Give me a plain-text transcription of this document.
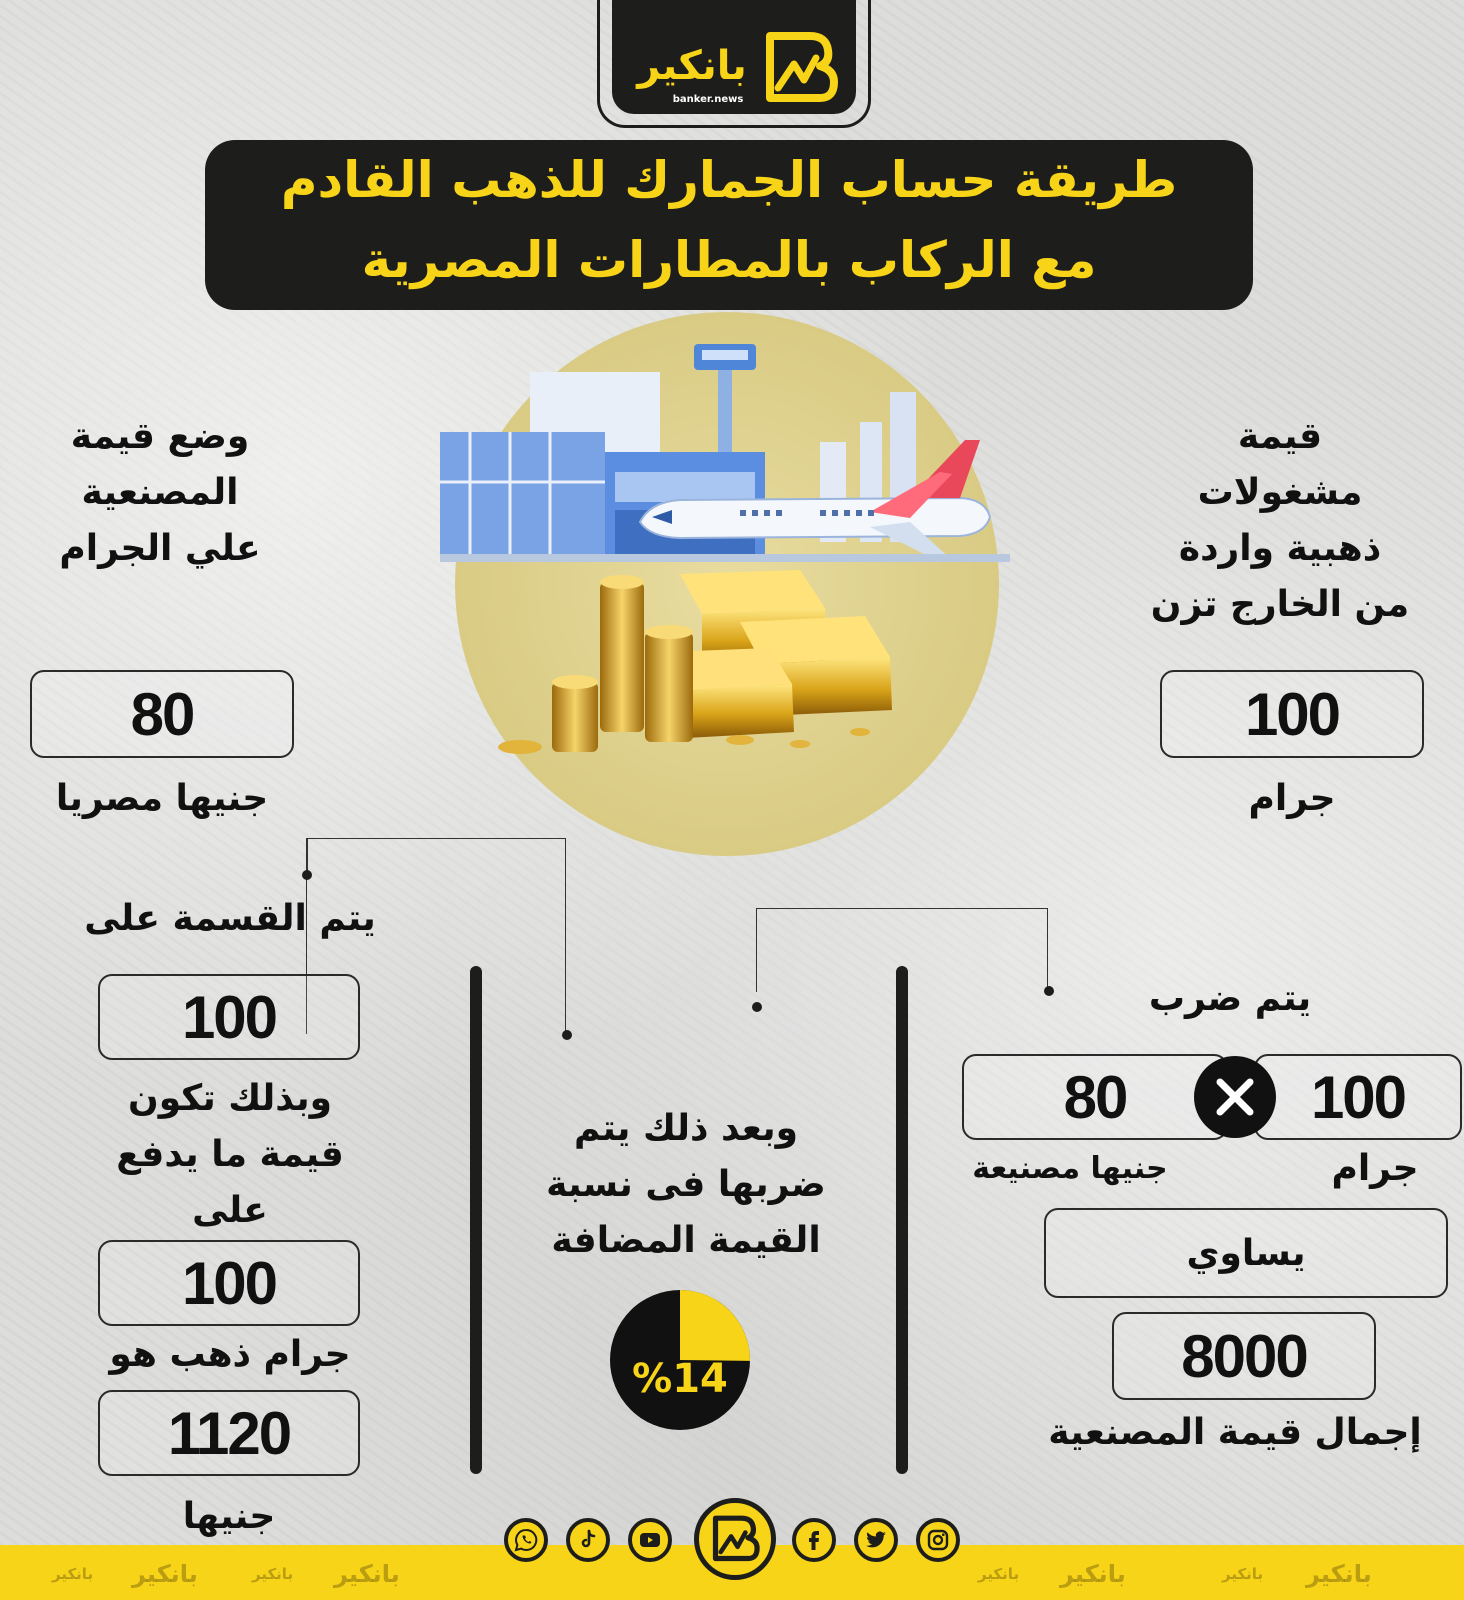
بانكير
banker.news
طريقة حساب الجمارك للذهب القادم
مع الركاب بالمطارات المصرية
قيمة
مشغولات
ذهبية واردة
من الخارج تزن
100
جرام
يتم ضرب
100
80
جرام
جنيها مصنيعة
يساوي
8000
إجمال قيمة المصنعية
وبعد ذلك يتم
ضربها فى نسبة
القيمة المضافة
%14
وضع قيمة
المصنعية
علي الجرام
80
جنيها مصريا
يتم القسمة على
100
وبذلك تكون
قيمة ما يدفع
على
100
جرام ذهب هو
1120
جنيها
بانكير بانكير	بانكير بانكير	بانكير بانكير	بانكير بانكير
